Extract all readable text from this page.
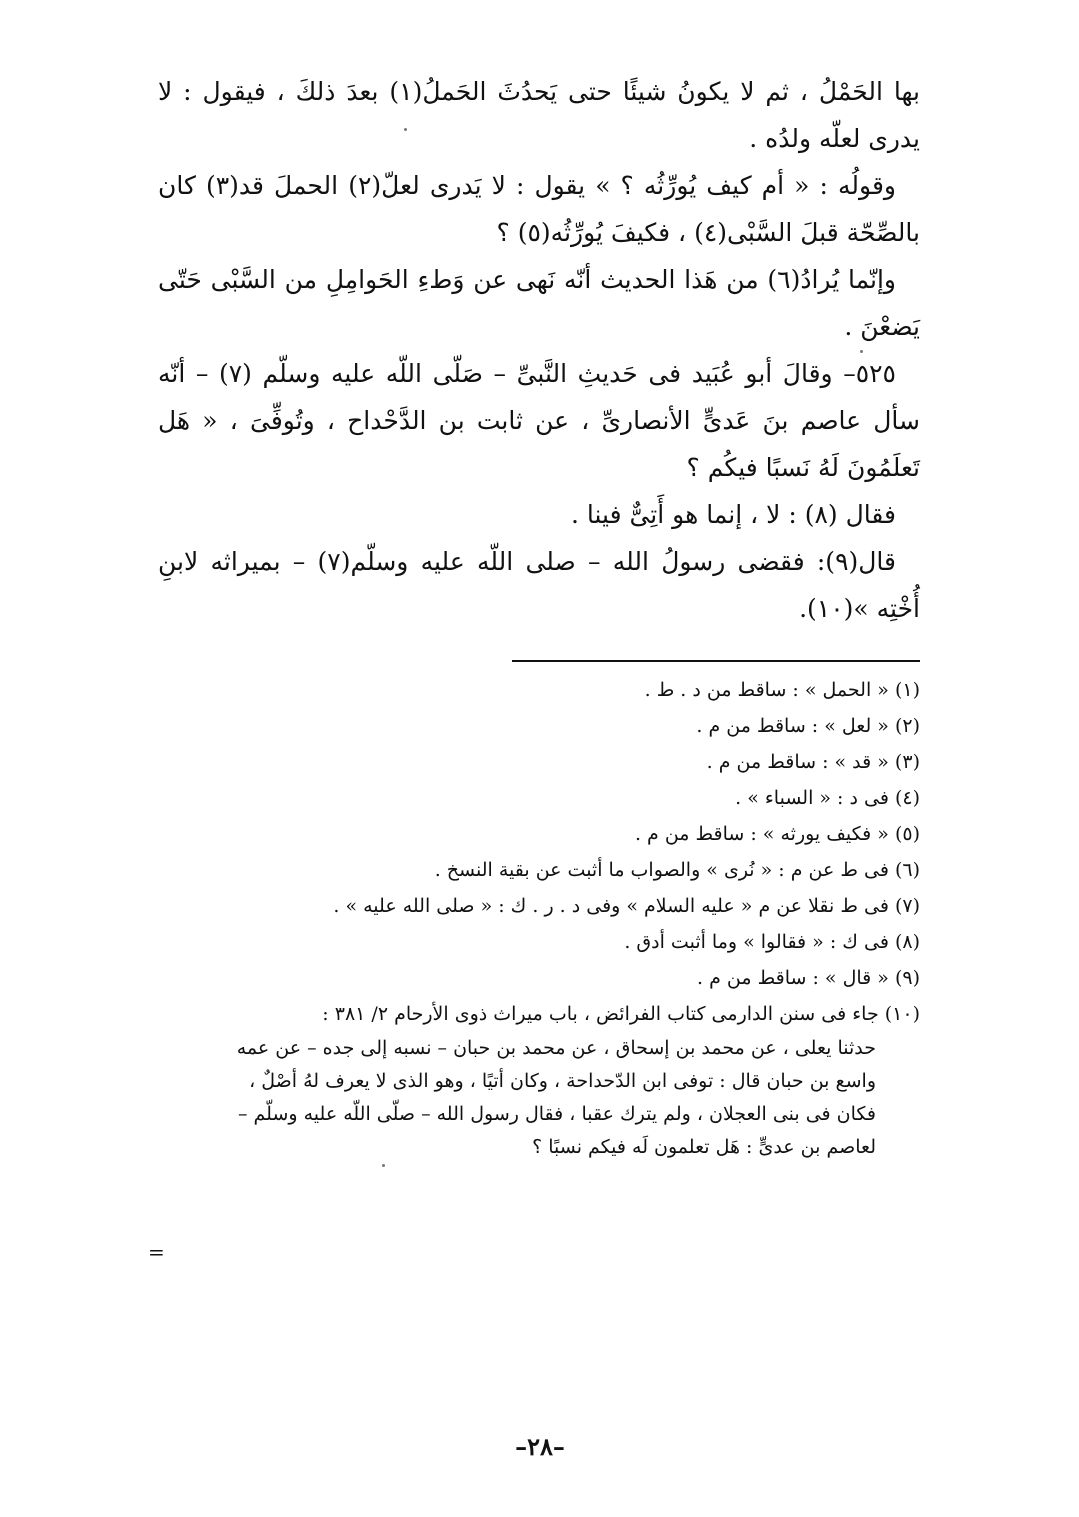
بها الحَمْلُ ، ثم لا يكونُ شيئًا حتى يَحدُثَ الحَملُ(١) بعدَ ذلكَ ، فيقول : لا يدرى لعلّه ولدُه .

وقولُه : « أم كيف يُورِّثُه ؟ » يقول : لا يَدرى لعلّ(٢) الحملَ قد(٣) كان بالصِّحّة قبلَ السَّبْى(٤) ، فكيفَ يُورِّثُه(٥) ؟

وإنّما يُرادُ(٦) من هَذا الحديث أنّه نَهى عن وَطءِ الحَوامِلِ من السَّبْى حَتّى يَضعْنَ .

٥٢٥– وقالَ أبو عُبَيد فى حَديثِ النَّبىِّ – صَلّى اللّه عليه وسلّم (٧) – أنّه سأل عاصم بنَ عَدىٍّ الأنصارىِّ ، عن ثابت بن الدَّحْداح ، وتُوفِّىَ ، « هَل تَعلَمُونَ لَهُ نَسبًا فيكُم ؟

فقال (٨) : لا ، إنما هو أَتِىٌّ فينا .

قال(٩): فقضى رسولُ الله – صلى اللّه عليه وسلّم(٧) – بميراثه لابنِ أُخْتِه »(١٠).

(١) « الحمل » : ساقط من د . ط .

(٢) « لعل » : ساقط من م .

(٣) « قد » : ساقط من م .

(٤) فى د : « السباء » .

(٥) « فكيف يورثه » : ساقط من م .

(٦) فى ط عن م : « نُرى » والصواب ما أثبت عن بقية النسخ .

(٧) فى ط نقلا عن م « عليه السلام » وفى د . ر . ك : « صلى الله عليه » .

(٨) فى ك : « فقالوا » وما أثبت أدق .

(٩) « قال » : ساقط من م .

(١٠) جاء فى سنن الدارمى كتاب الفرائض ، باب ميراث ذوى الأرحام ٢/ ٣٨١ :

حدثنا يعلى ، عن محمد بن إسحاق ، عن محمد بن حبان – نسبه إلى جده – عن عمه

واسع بن حبان قال : توفى ابن الدّحداحة ، وكان أتيًا ، وهو الذى لا يعرف لهُ أصْلٌ ،

فكان فى بنى العجلان ، ولم يترك عقبا ، فقال رسول الله – صلّى اللّه عليه وسلّم –

لعاصم بن عدىٍّ : هَل تعلمون لَه فيكم نسبًا ؟

=
–٢٨–
